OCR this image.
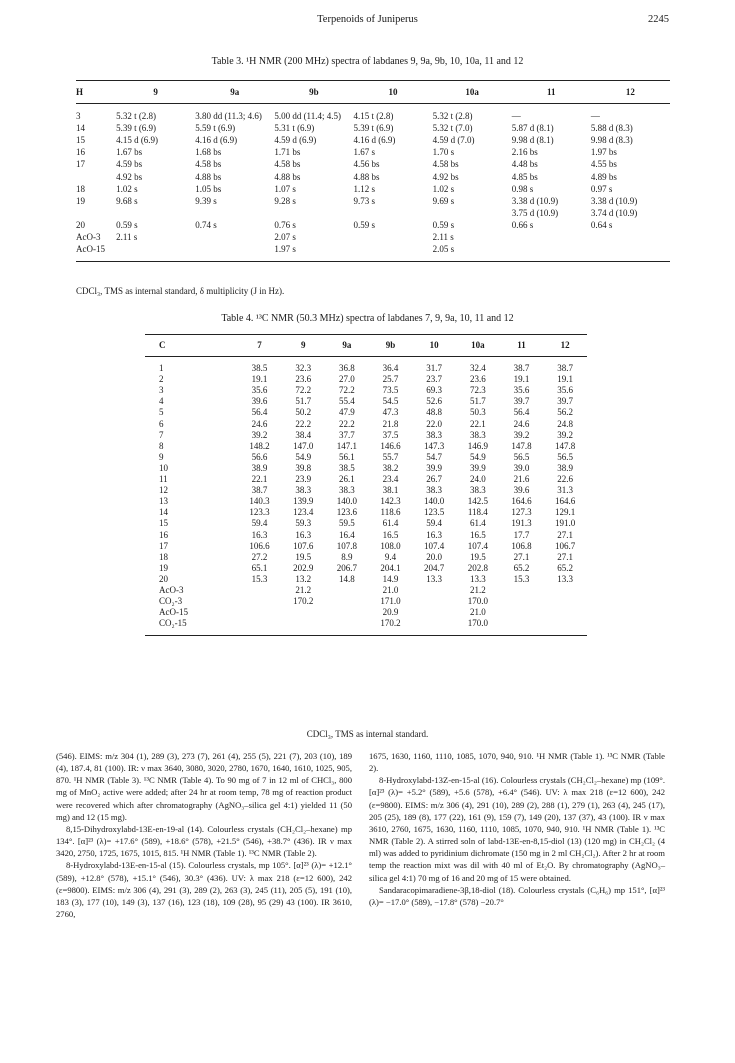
Terpenoids of Juniperus	2245
Table 3. ¹H NMR (200 MHz) spectra of labdanes 9, 9a, 9b, 10, 10a, 11 and 12
H	9	9a	9b	10	10a	11	12
3	5.32 t (2.8)	3.80 dd (11.3; 4.6)	5.00 dd (11.4; 4.5)	4.15 t (2.8)	5.32 t (2.8)	—	—
14	5.39 t (6.9)	5.59 t (6.9)	5.31 t (6.9)	5.39 t (6.9)	5.32 t (7.0)	5.87 d (8.1)	5.88 d (8.3)
15	4.15 d (6.9)	4.16 d (6.9)	4.59 d (6.9)	4.16 d (6.9)	4.59 d (7.0)	9.98 d (8.1)	9.98 d (8.3)
16	1.67 bs	1.68 bs	1.71 bs	1.67 s	1.70 s	2.16 bs	1.97 bs
17	4.59 bs	4.58 bs	4.58 bs	4.56 bs	4.58 bs	4.48 bs	4.55 bs
	4.92 bs	4.88 bs	4.88 bs	4.88 bs	4.92 bs	4.85 bs	4.89 bs
18	1.02 s	1.05 bs	1.07 s	1.12 s	1.02 s	0.98 s	0.97 s
19	9.68 s	9.39 s	9.28 s	9.73 s	9.69 s	3.38 d (10.9)	3.38 d (10.9)
						3.75 d (10.9)	3.74 d (10.9)
20	0.59 s	0.74 s	0.76 s	0.59 s	0.59 s	0.66 s	0.64 s
AcO-3	2.11 s		2.07 s		2.11 s		
AcO-15			1.97 s		2.05 s		
CDCl₃, TMS as internal standard, δ multiplicity (J in Hz).
Table 4. ¹³C NMR (50.3 MHz) spectra of labdanes 7, 9, 9a, 10, 11 and 12
C	7	9	9a	9b	10	10a	11	12
1	38.5	32.3	36.8	36.4	31.7	32.4	38.7	38.7
2	19.1	23.6	27.0	25.7	23.7	23.6	19.1	19.1
3	35.6	72.2	72.2	73.5	69.3	72.3	35.6	35.6
4	39.6	51.7	55.4	54.5	52.6	51.7	39.7	39.7
5	56.4	50.2	47.9	47.3	48.8	50.3	56.4	56.2
6	24.6	22.2	22.2	21.8	22.0	22.1	24.6	24.8
7	39.2	38.4	37.7	37.5	38.3	38.3	39.2	39.2
8	148.2	147.0	147.1	146.6	147.3	146.9	147.8	147.8
9	56.6	54.9	56.1	55.7	54.7	54.9	56.5	56.5
10	38.9	39.8	38.5	38.2	39.9	39.9	39.0	38.9
11	22.1	23.9	26.1	23.4	26.7	24.0	21.6	22.6
12	38.7	38.3	38.3	38.1	38.3	38.3	39.6	31.3
13	140.3	139.9	140.0	142.3	140.0	142.5	164.6	164.6
14	123.3	123.4	123.6	118.6	123.5	118.4	127.3	129.1
15	59.4	59.3	59.5	61.4	59.4	61.4	191.3	191.0
16	16.3	16.3	16.4	16.5	16.3	16.5	17.7	27.1
17	106.6	107.6	107.8	108.0	107.4	107.4	106.8	106.7
18	27.2	19.5	8.9	9.4	20.0	19.5	27.1	27.1
19	65.1	202.9	206.7	204.1	204.7	202.8	65.2	65.2
20	15.3	13.2	14.8	14.9	13.3	13.3	15.3	13.3
AcO-3		21.2		21.0		21.2		
CO₂-3		170.2		171.0		170.0		
AcO-15				20.9		21.0		
CO₂-15				170.2		170.0		
CDCl₃, TMS as internal standard.

(546). EIMS: m/z 304 (1), 289 (3), 273 (7), 261 (4), 255 (5), 221 (7), 203 (10), 189 (4), 187.4, 81 (100). IR: ν max 3640, 3080, 3020, 2780, 1670, 1640, 1610, 1025, 905, 870. ¹H NMR (Table 3). ¹³C NMR (Table 4). To 90 mg of 7 in 12 ml of CHCl₃, 800 mg of MnO₂ active were added; after 24 hr at room temp, 78 mg of reaction product were recovered which after chromatography (AgNO₃–silica gel 4:1) yielded 11 (50 mg) and 12 (15 mg).

8,15-Dihydroxylabd-13E-en-19-al (14). Colourless crystals (CH₂Cl₂–hexane) mp 134°. [α]²³ (λ)= +17.6° (589), +18.6° (578), +21.5° (546), +38.7° (436). IR ν max 3420, 2750, 1725, 1675, 1015, 815. ¹H NMR (Table 1). ¹³C NMR (Table 2).

8-Hydroxylabd-13E-en-15-al (15). Colourless crystals, mp 105°. [α]²³ (λ)= +12.1° (589), +12.8° (578), +15.1° (546), 30.3° (436). UV: λ max 218 (ε=12 600), 242 (ε=9800). EIMS: m/z 306 (4), 291 (3), 289 (2), 263 (3), 245 (11), 205 (5), 191 (10), 183 (3), 177 (10), 149 (3), 137 (16), 123 (18), 109 (28), 95 (29) 43 (100). IR 3610, 2760,

1675, 1630, 1160, 1110, 1085, 1070, 940, 910. ¹H NMR (Table 1). ¹³C NMR (Table 2).

8-Hydroxylabd-13Z-en-15-al (16). Colourless crystals (CH₂Cl₂–hexane) mp (109°. [α]²³ (λ)= +5.2° (589), +5.6 (578), +6.4° (546). UV: λ max 218 (ε=12 600), 242 (ε=9800). EIMS: m/z 306 (4), 291 (10), 289 (2), 288 (1), 279 (1), 263 (4), 245 (17), 205 (25), 189 (8), 177 (22), 161 (9), 159 (7), 149 (20), 137 (37), 43 (100). IR ν max 3610, 2760, 1675, 1630, 1160, 1110, 1085, 1070, 940, 910. ¹H NMR (Table 1). ¹³C NMR (Table 2). A stirred soln of labd-13E-en-8,15-diol (13) (120 mg) in CH₂Cl₂ (4 ml) was added to pyridinium dichromate (150 mg in 2 ml CH₂Cl₂). After 2 hr at room temp the reaction mixt was dil with 40 ml of Et₂O. By chromatography (AgNO₃–silica gel 4:1) 70 mg of 16 and 20 mg of 15 were obtained.

Sandaracopimaradiene-3β,18-diol (18). Colourless crystals (C₆H₆) mp 151°, [α]²³ (λ)= −17.0° (589), −17.8° (578) −20.7°
